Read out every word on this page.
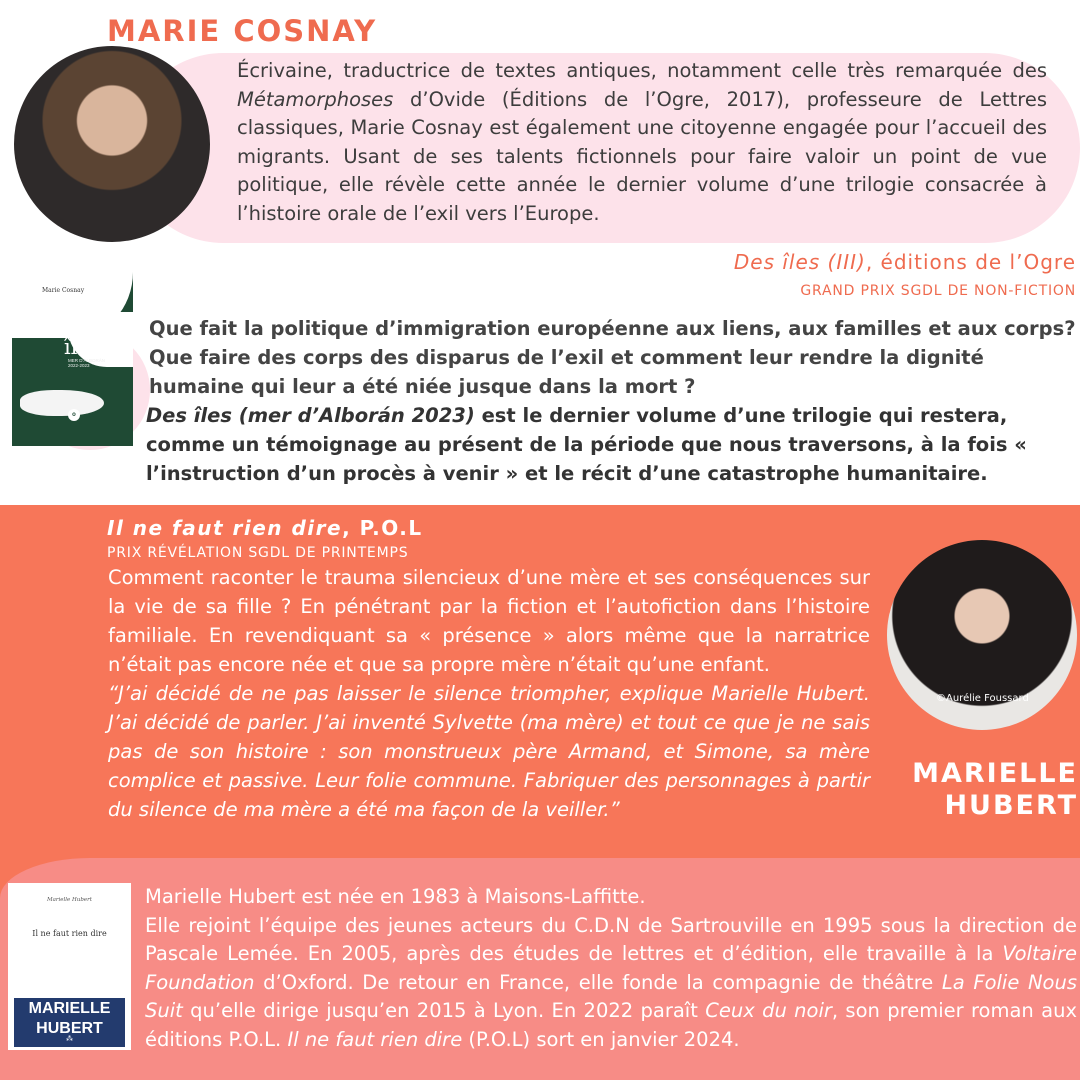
MARIE COSNAY

Écrivaine, traductrice de textes antiques, notamment celle très remarquée des Métamorphoses d’Ovide (Éditions de l’Ogre, 2017), professeure de Lettres classiques, Marie Cosnay est également une citoyenne engagée pour l’accueil des migrants. Usant de ses talents fictionnels pour faire valoir un point de vue politique, elle révèle cette année le dernier volume d’une trilogie consacrée à l’histoire orale de l’exil vers l’Europe.

Des îles (III), éditions de l’Ogre
GRAND PRIX SGDL DE NON-FICTION
Marie Cosnay
des
îles
MER D’ALBORÁN
2022-2023
o

Que fait la politique d’immigration européenne aux liens, aux familles et aux corps? Que faire des corps des disparus de l’exil et comment leur rendre la dignité humaine qui leur a été niée jusque dans la mort ?

Des îles (mer d’Alborán 2023) est le dernier volume d’une trilogie qui restera, comme un témoignage au présent de la période que nous traversons, à la fois « l’instruction d’un procès à venir » et le récit d’une catastrophe humanitaire.

Il ne faut rien dire, P.O.L
PRIX RÉVÉLATION SGDL DE PRINTEMPS

Comment raconter le trauma silencieux d’une mère et ses conséquences sur la vie de sa fille ? En pénétrant par la fiction et l’autofiction dans l’histoire familiale. En revendiquant sa « présence » alors même que la narratrice n’était pas encore née et que sa propre mère n’était qu’une enfant.

“J’ai décidé de ne pas laisser le silence triompher, explique Marielle Hubert. J’ai décidé de parler. J’ai inventé Sylvette (ma mère) et tout ce que je ne sais pas de son histoire : son monstrueux père Armand, et Simone, sa mère complice et passive. Leur folie commune. Fabriquer des personnages à partir du silence de ma mère a été ma façon de la veiller.”

©Aurélie Foussard
MARIELLE
HUBERT
Marielle Hubert
Il ne faut rien dire
MARIELLE
HUBERT
⁂

Marielle Hubert est née en 1983 à Maisons-Laffitte.

Elle rejoint l’équipe des jeunes acteurs du C.D.N de Sartrouville en 1995 sous la direction de Pascale Lemée. En 2005, après des études de lettres et d’édition, elle travaille à la Voltaire Foundation d’Oxford. De retour en France, elle fonde la compagnie de théâtre La Folie Nous Suit qu’elle dirige jusqu’en 2015 à Lyon. En 2022 paraît Ceux du noir, son premier roman aux éditions P.O.L. Il ne faut rien dire (P.O.L) sort en janvier 2024.
